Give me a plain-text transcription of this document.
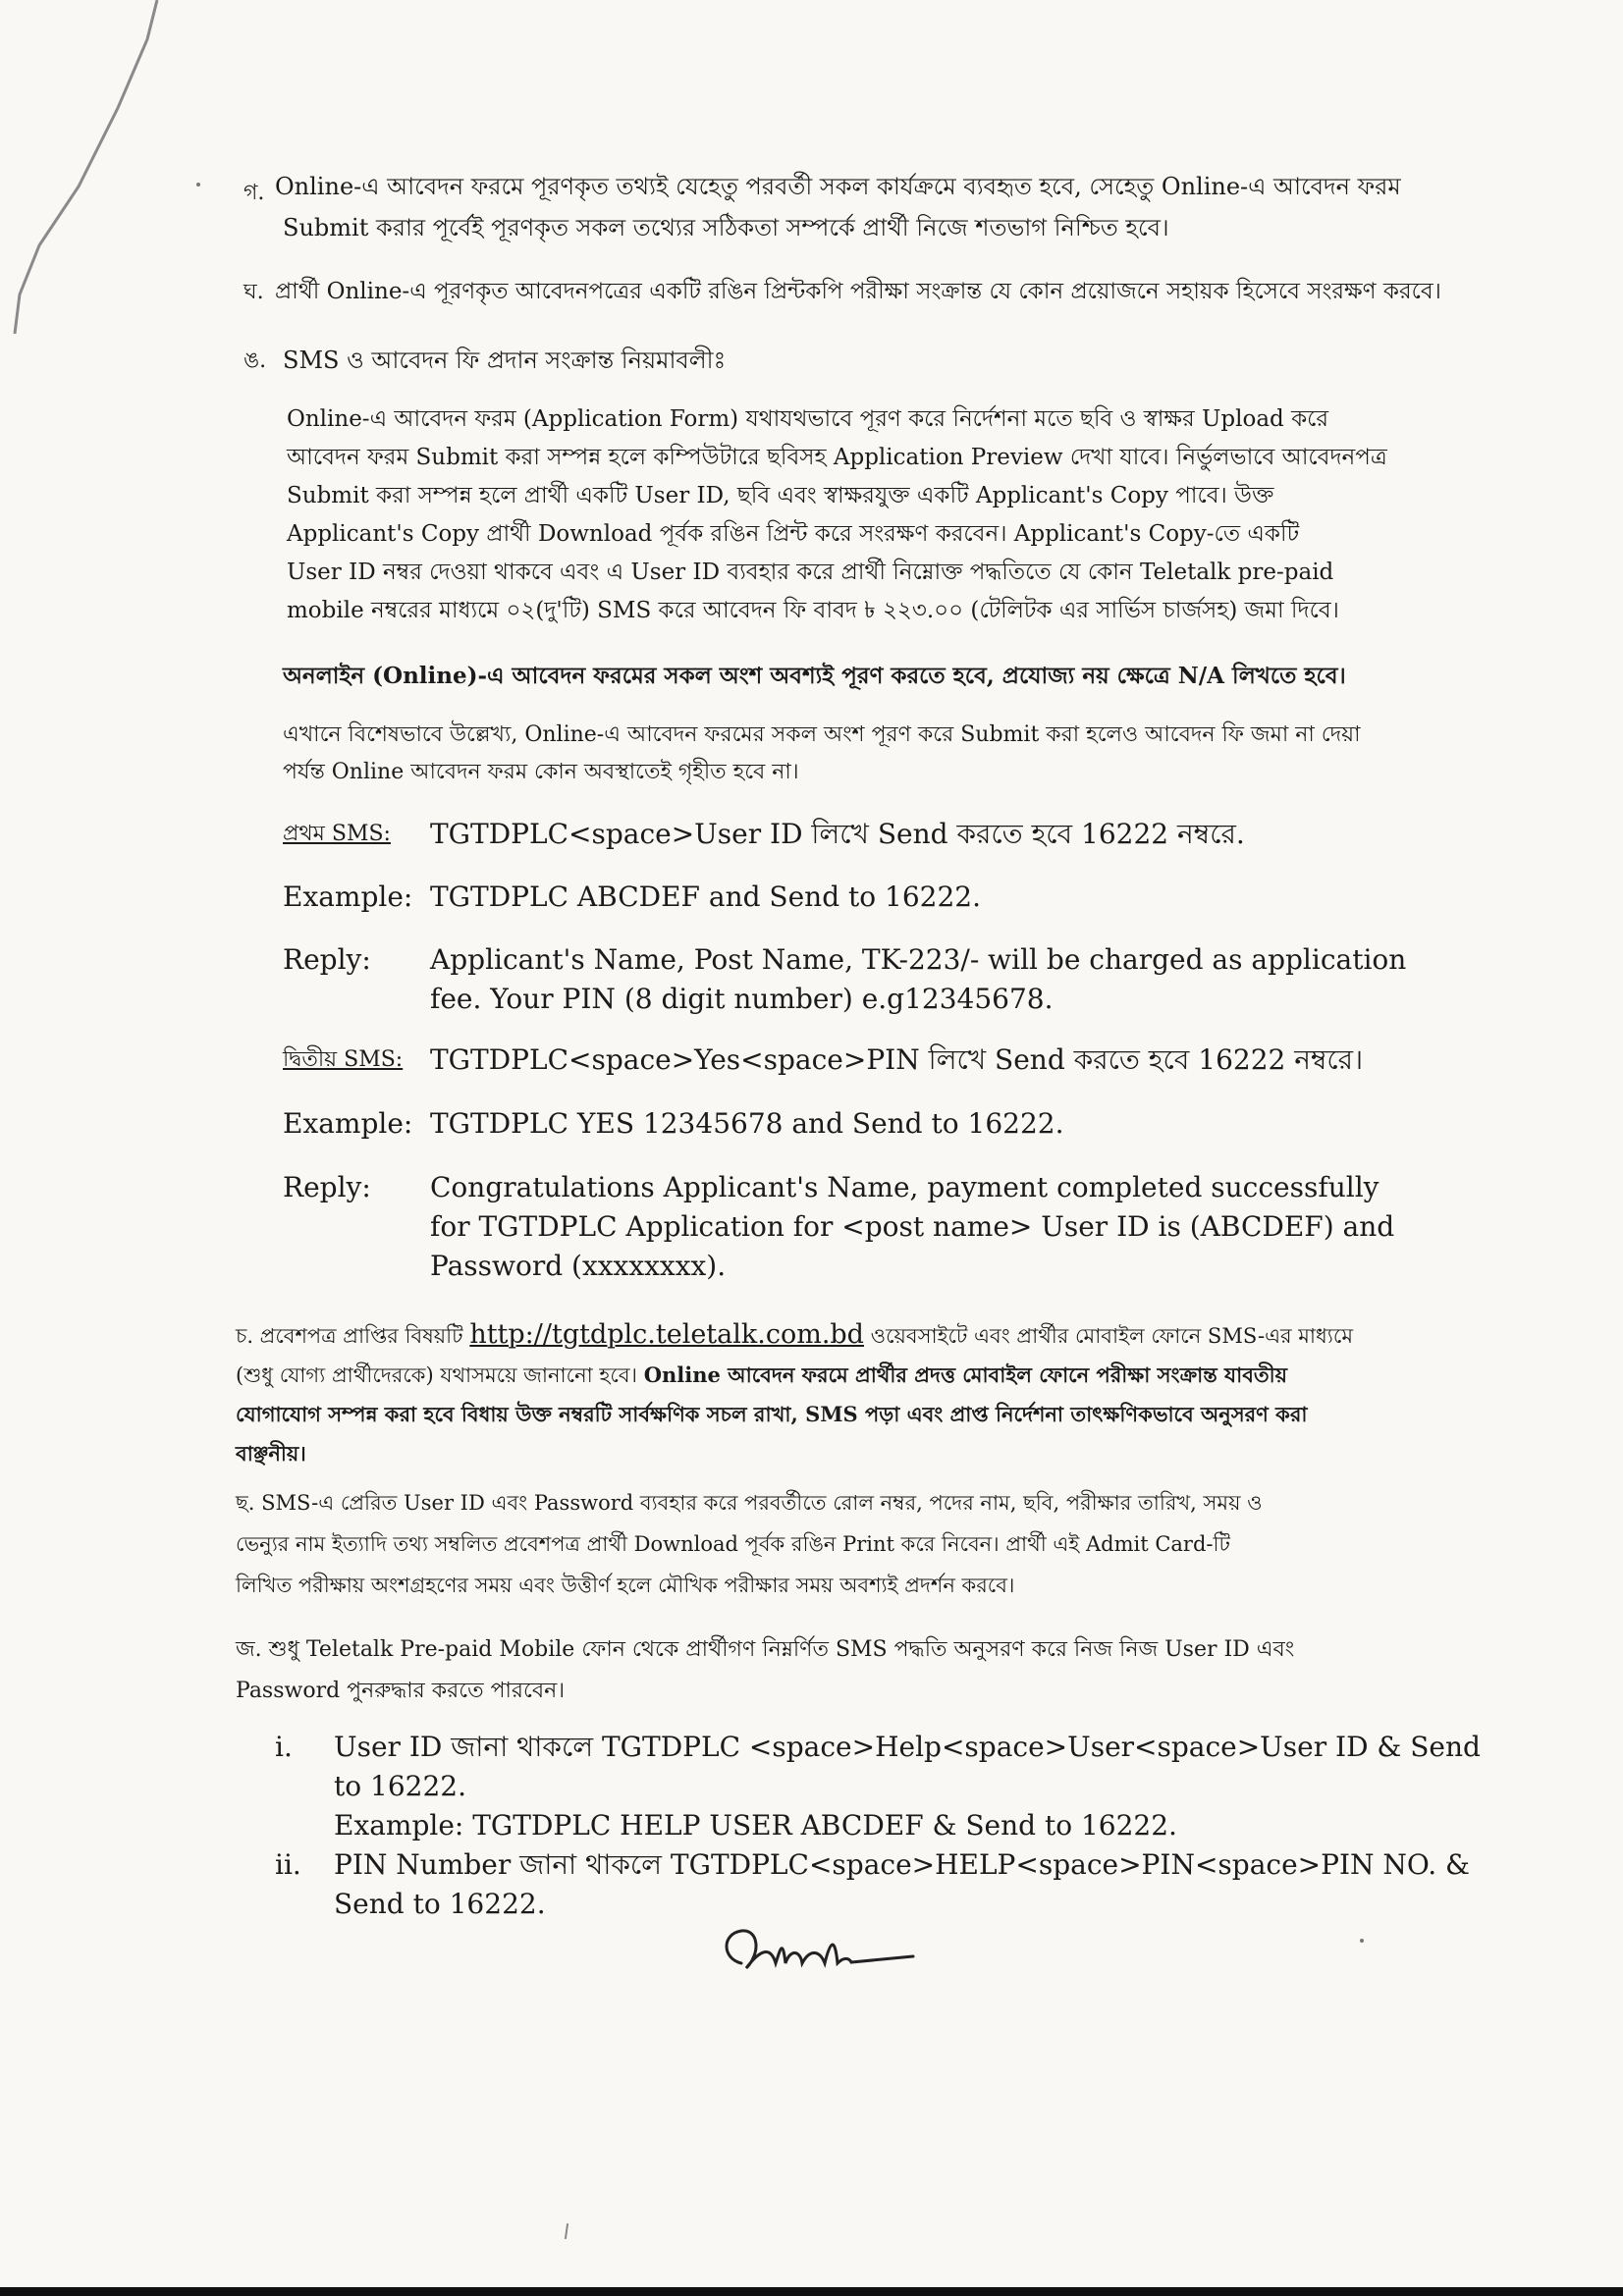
গ. Online-এ আবেদন ফরমে পূরণকৃত তথ্যই যেহেতু পরবর্তী সকল কার্যক্রমে ব্যবহৃত হবে, সেহেতু Online-এ আবেদন ফরম
Submit করার পূর্বেই পূরণকৃত সকল তথ্যের সঠিকতা সম্পর্কে প্রার্থী নিজে শতভাগ নিশ্চিত হবে।
ঘ. প্রার্থী Online-এ পূরণকৃত আবেদনপত্রের একটি রঙিন প্রিন্টকপি পরীক্ষা সংক্রান্ত যে কোন প্রয়োজনে সহায়ক হিসেবে সংরক্ষণ করবে।
ঙ. SMS ও আবেদন ফি প্রদান সংক্রান্ত নিয়মাবলীঃ
Online-এ আবেদন ফরম (Application Form) যথাযথভাবে পূরণ করে নির্দেশনা মতে ছবি ও স্বাক্ষর Upload করে
আবেদন ফরম Submit করা সম্পন্ন হলে কম্পিউটারে ছবিসহ Application Preview দেখা যাবে। নির্ভুলভাবে আবেদনপত্র
Submit করা সম্পন্ন হলে প্রার্থী একটি User ID, ছবি এবং স্বাক্ষরযুক্ত একটি Applicant's Copy পাবে। উক্ত
Applicant's Copy প্রার্থী Download পূর্বক রঙিন প্রিন্ট করে সংরক্ষণ করবেন। Applicant's Copy-তে একটি
User ID নম্বর দেওয়া থাকবে এবং এ User ID ব্যবহার করে প্রার্থী নিম্নোক্ত পদ্ধতিতে যে কোন Teletalk pre-paid
mobile নম্বরের মাধ্যমে ০২(দু'টি) SMS করে আবেদন ফি বাবদ ৳ ২২৩.০০ (টেলিটক এর সার্ভিস চার্জসহ) জমা দিবে।
অনলাইন (Online)-এ আবেদন ফরমের সকল অংশ অবশ্যই পূরণ করতে হবে, প্রযোজ্য নয় ক্ষেত্রে N/A লিখতে হবে।
এখানে বিশেষভাবে উল্লেখ্য, Online-এ আবেদন ফরমের সকল অংশ পূরণ করে Submit করা হলেও আবেদন ফি জমা না দেয়া
পর্যন্ত Online আবেদন ফরম কোন অবস্থাতেই গৃহীত হবে না।
প্রথম SMS: TGTDPLC<space>User ID লিখে Send করতে হবে 16222 নম্বরে.
Example: TGTDPLC ABCDEF and Send to 16222.
Reply: Applicant's Name, Post Name, TK-223/- will be charged as application fee. Your PIN (8 digit number) e.g12345678.
দ্বিতীয় SMS: TGTDPLC<space>Yes<space>PIN লিখে Send করতে হবে 16222 নম্বরে।
Example: TGTDPLC YES 12345678 and Send to 16222.
Reply: Congratulations Applicant's Name, payment completed successfully for TGTDPLC Application for <post name> User ID is (ABCDEF) and Password (xxxxxxxx).
চ. প্রবেশপত্র প্রাপ্তির বিষয়টি http://tgtdplc.teletalk.com.bd ওয়েবসাইটে এবং প্রার্থীর মোবাইল ফোনে SMS-এর মাধ্যমে
(শুধু যোগ্য প্রার্থীদেরকে) যথাসময়ে জানানো হবে। Online আবেদন ফরমে প্রার্থীর প্রদত্ত মোবাইল ফোনে পরীক্ষা সংক্রান্ত যাবতীয়
যোগাযোগ সম্পন্ন করা হবে বিধায় উক্ত নম্বরটি সার্বক্ষণিক সচল রাখা, SMS পড়া এবং প্রাপ্ত নির্দেশনা তাৎক্ষণিকভাবে অনুসরণ করা
বাঞ্ছনীয়।
ছ. SMS-এ প্রেরিত User ID এবং Password ব্যবহার করে পরবর্তীতে রোল নম্বর, পদের নাম, ছবি, পরীক্ষার তারিখ, সময় ও
ভেন্যুর নাম ইত্যাদি তথ্য সম্বলিত প্রবেশপত্র প্রার্থী Download পূর্বক রঙিন Print করে নিবেন। প্রার্থী এই Admit Card-টি
লিখিত পরীক্ষায় অংশগ্রহণের সময় এবং উত্তীর্ণ হলে মৌখিক পরীক্ষার সময় অবশ্যই প্রদর্শন করবে।
জ. শুধু Teletalk Pre-paid Mobile ফোন থেকে প্রার্থীগণ নিম্নর্ণিত SMS পদ্ধতি অনুসরণ করে নিজ নিজ User ID এবং
Password পুনরুদ্ধার করতে পারবেন।
i. User ID জানা থাকলে TGTDPLC <space>Help<space>User<space>User ID & Send
to 16222.
Example: TGTDPLC HELP USER ABCDEF & Send to 16222.
ii. PIN Number জানা থাকলে TGTDPLC<space>HELP<space>PIN<space>PIN NO. &
Send to 16222.
